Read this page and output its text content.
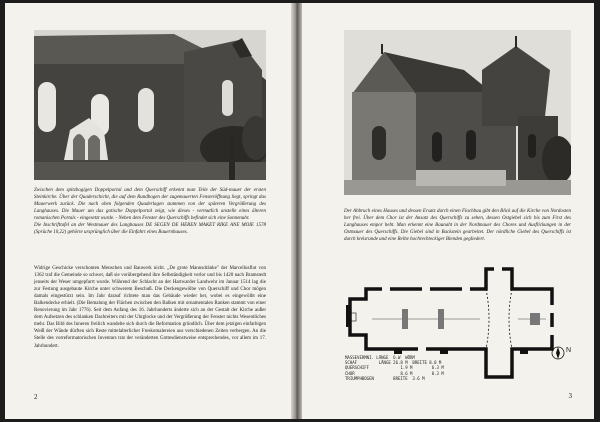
Zwischen dem spitzbogigen Doppelportal und dem Querschiff erkennt man Teile der Süd-mauer der ersten Steinkirche. Über der Quaderschicht, die auf dem Rundbogen der zugemauerten Fensteröffnung liegt, springt das Mauerwerk zurück. Die nach oben folgenden Quaderlagen stammen von der späteren Vergrößerung des Langhauses. Die Mauer um das gotische Doppelportal zeigt, wie dieses - vermutlich anstelle eines älteren romanischen Portals - eingesetzt wurde. - Neben dem Fenster des Querschiffs befindet sich eine Sonnenuhr.

Die Inschrifttafel an der Westmauer des Langhauses DE SEGEN DE HEREN MAKET RIKE ANE MOIE 1578 (Sprüche 10,22) gehörte ursprünglich über die Einfahrt eines Bauernhauses.

Widrige Geschicke verschonten Menschen und Bauwerk nicht. „De grote Mannsdränke" der Marcellusflut von 1362 traf die Gemeinde so schwer, daß sie vorübergehend ihre Selbständigkeit verlor und bis 1420 nach Bramstedt jenseits der Weser umgepfarrt wurde. Während der Schlacht an der Hartwarder Landwehr im Januar 1514 lag die zur Festung ausgebaute Kirche unter schwerem Beschuß. Die Deckengewölbe von Querschiff und Chor mögen damals eingestürzt sein. Im Jahr darauf richtete man das Gebäude wieder her, wobei es eingewölbt eine Balkendecke erhielt. (Die Bemalung der Flächen zwischen den Balken mit ornamentalen Ranken stammt von einer Renovierung im Jahr 1776). Seit dem Anfang des 16. Jahrhunderts änderte sich an der Gestalt der Kirche außer dem Aufsetzen des schlanken Dachreiters mit der Uhrglocke und der Vergrößerung der Fenster nichts Wesentliches mehr. Das Bild des Inneren freilich wandelte sich durch die Reformation gründlich. Über dem jetzigen einfarbigen Weiß der Wände dürften sich Reste mittelalterlicher Freskomalereien aus verschiedenen Zeiten verbergen. An die Stelle des vorreformatorischen Inventars trat der veränderten Gottesdienstweise entsprechendes, vor allem im 17. Jahrhundert.

2

Der Abbruch eines Hauses und dessen Ersatz durch einen Flachbau gibt den Blick auf die Kirche von Nordosten her frei. Über dem Chor ist der Ansatz des Querschiffs zu sehen, dessen Ostgiebel sich bis zum First des Langhauses empor hebt. Man erkennt eine Baunaht in der Nordmauer des Chores und Ausflickungen in der Ostmauer des Querschiffs. Die Giebel sind in Backstein gearbeitet. Der nördliche Giebel des Querschiffs ist durch kreisrunde und eine Reihe hochrechteckiger Blenden gegliedert.

MASSEVERMNI. LÄNGE  O.W  WÖRM
SCHAF         LÄNGE 26.8 M  BREITE 8.0 M
QUERSCHIFF             1.9 M        6.3 M
CHOR                   8.6 M        8.3 M
TRIUMPHBOGEN        BREITE  3.6 M
N
3
